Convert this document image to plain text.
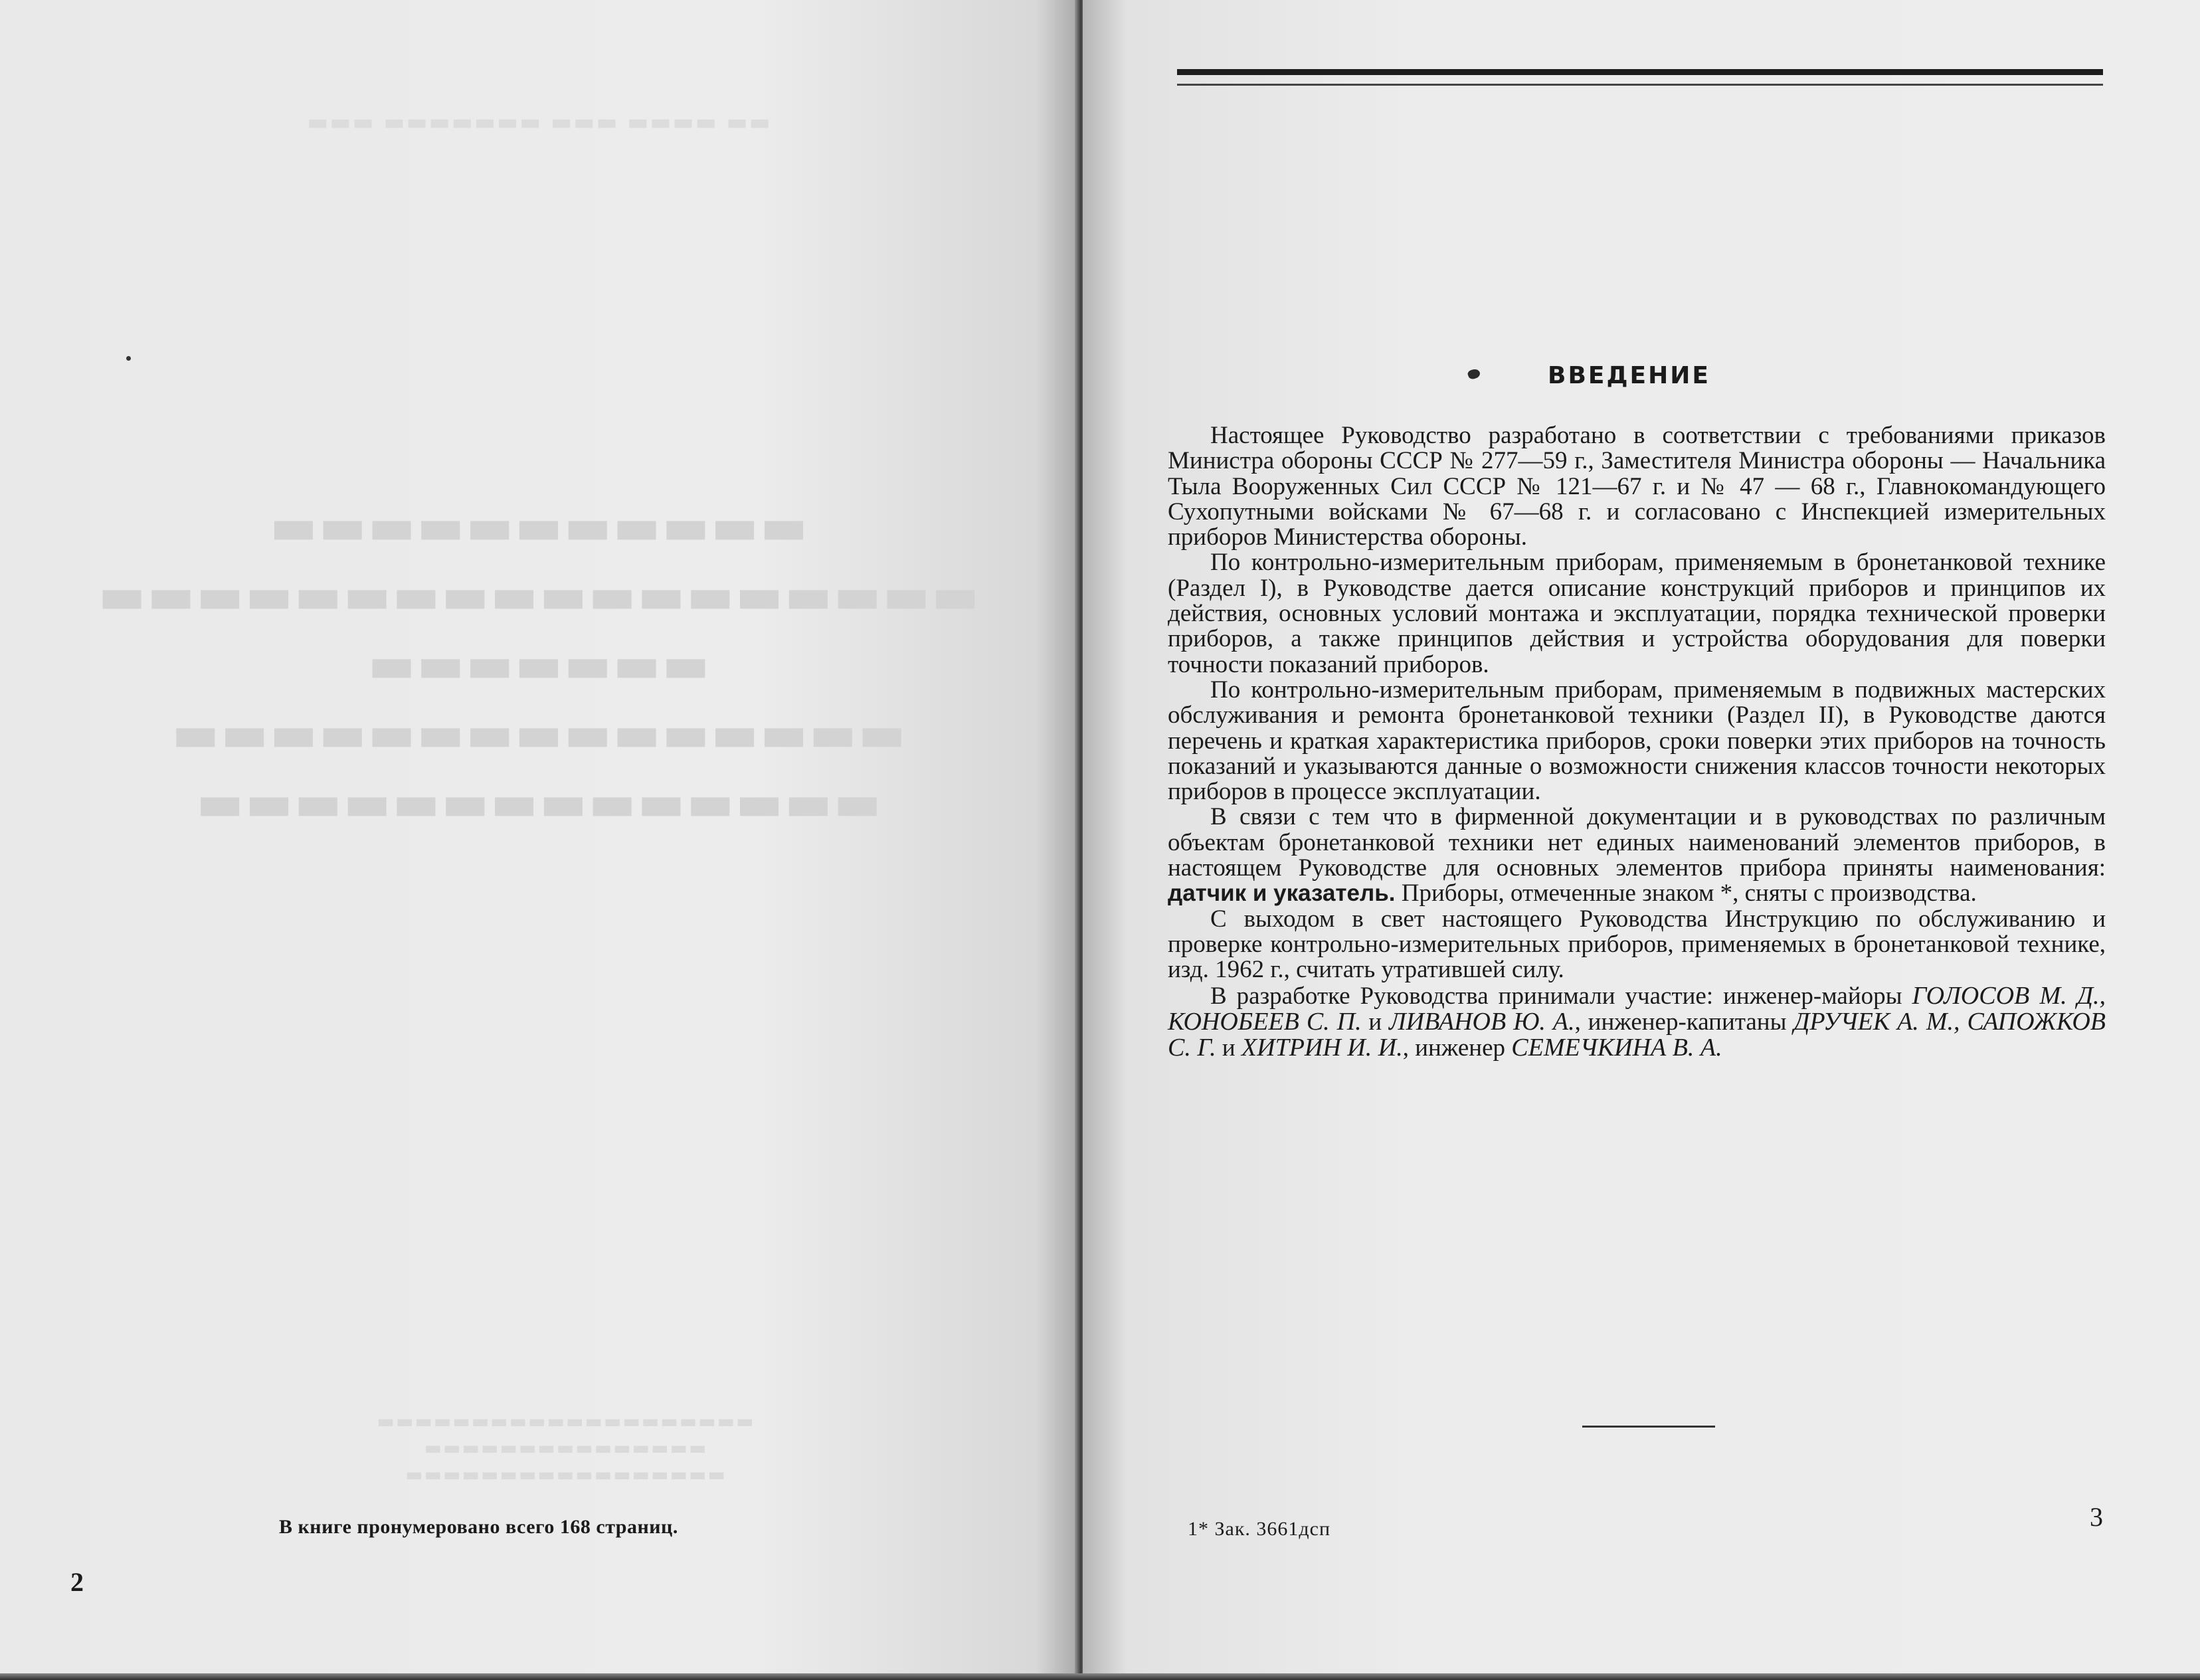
▬▬ ▬▬▬▬ ▬▬▬ ▬▬▬▬▬▬▬ ▬▬▬
▬▬▬▬▬▬▬▬▬▬▬
▬▬▬▬▬▬▬▬▬▬▬▬▬▬▬▬▬▬
▬▬▬▬▬▬▬
▬▬▬▬▬▬▬▬▬▬▬▬▬▬▬
▬▬▬▬▬▬▬▬▬▬▬▬▬▬
▬▬▬▬▬▬▬▬▬▬▬▬▬▬▬▬▬▬▬▬
▬▬▬▬▬▬▬▬▬▬▬▬▬▬▬
▬▬▬▬▬▬▬▬▬▬▬▬▬▬▬▬▬
В книге пронумеровано всего 168 страниц.
2
ВВЕДЕНИЕ

Настоящее Руководство разработано в соответствии с требованиями приказов Министра обороны СССР № 277—59 г., Заместителя Министра обороны — Начальника Тыла Вооруженных Сил СССР № 121—67 г. и № 47 — 68 г., Главнокомандующего Сухопутными войсками № 67—68 г. и согласовано с Инспекцией измерительных приборов Министерства обороны.

По контрольно-измерительным приборам, применяемым в бронетанковой технике (Раздел I), в Руководстве дается описание конструкций приборов и принципов их действия, основных условий монтажа и эксплуатации, порядка технической проверки приборов, а также принципов действия и устройства оборудования для поверки точности показаний приборов.

По контрольно-измерительным приборам, применяемым в подвижных мастерских обслуживания и ремонта бронетанковой техники (Раздел II), в Руководстве даются перечень и краткая характеристика приборов, сроки поверки этих приборов на точность показаний и указываются данные о возможности снижения классов точности некоторых приборов в процессе эксплуатации.

В связи с тем что в фирменной документации и в руководствах по различным объектам бронетанковой техники нет единых наименований элементов приборов, в настоящем Руководстве для основных элементов прибора приняты наименования: датчик и указатель. Приборы, отмеченные знаком *, сняты с производства.

С выходом в свет настоящего Руководства Инструкцию по обслуживанию и проверке контрольно-измерительных приборов, применяемых в бронетанковой технике, изд. 1962 г., считать утратившей силу.

В разработке Руководства принимали участие: инженер-майоры ГОЛОСОВ М. Д., КОНОБЕЕВ С. П. и ЛИВАНОВ Ю. А., инженер-капитаны ДРУЧЕК А. М., САПОЖКОВ С. Г. и ХИТРИН И. И., инженер СЕМЕЧКИНА В. А.

1* Зак. 3661дсп	3
